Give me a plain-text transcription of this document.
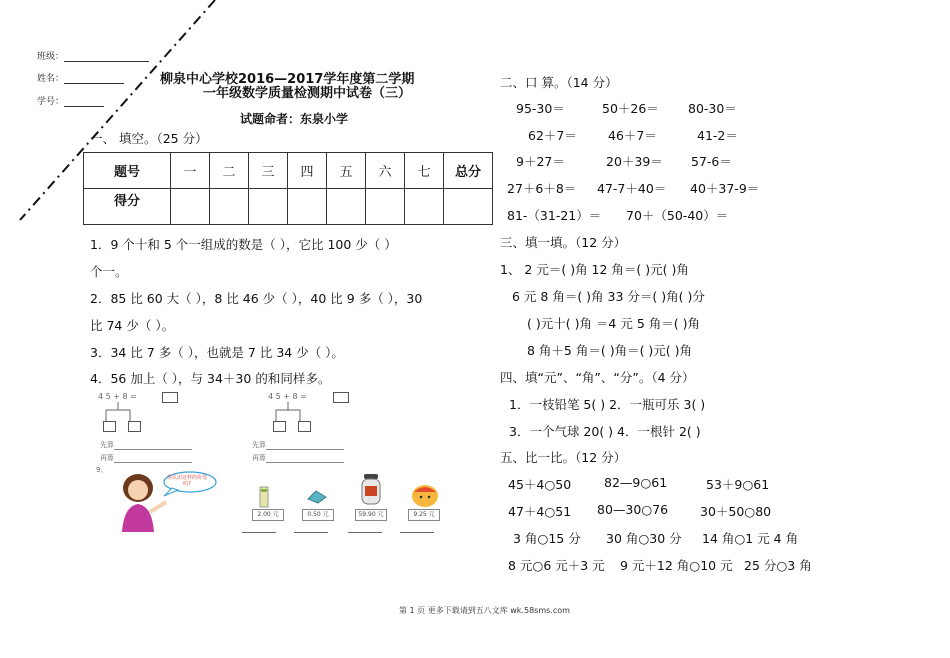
班级：
姓名：
学号：
柳泉中心学校2016—2017学年度第二学期
一年级数学质量检测期中试卷（三）
试题命者：东泉小学
一、 填空。（25 分）
题号	一	二	三	四	五	六	七	总分
得分								
1．9 个十和 5 个一组成的数是（ ），它比 100 少（ ）
个一。
2．85 比 60 大（ ），8 比 46 少（ ），40 比 9 多（ ），30
比 74 少（ ）。
3．34 比 7 多（ ），也就是 7 比 34 少（ ）。
4．56 加上（ ），与 34＋30 的和同样多。
4 5 + 8 =
先算
再算
9、
4 5 + 8 =
先算
再算
你认识这样的价签吗?
2.00 元	0.50 元	59.90 元	9.25 元
二、口 算。（14 分）
95-30＝	50＋26＝ 80-30＝
62＋7＝ 46＋7＝	41-2＝
9＋27＝	20＋39＝ 57-6＝
27＋6＋8＝ 47-7＋40＝ 40＋37-9＝
81-（31-21）＝ 70＋（50-40）＝
三、填一填。（12 分）
1、 2 元＝( )角 12 角＝( )元( )角
6 元 8 角＝( )角 33 分＝( )角( )分
( )元十( )角 ＝4 元 5 角＝( )角
8 角＋5 角＝( )角＝( )元( )角
四、填“元”、“角”、“分”。（4 分）
1．一枝铅笔 5( ) 2．一瓶可乐 3( )
3．一个气球 20( ) 4．一根针 2( )
五、比一比。（12 分）
45＋4○50	82—9○61	53＋9○61
47＋4○51 80—30○76	30＋50○80
3 角○15 分 30 角○30 分 14 角○1 元 4 角
8 元○6 元＋3 元 9 元＋12 角○10 元 25 分○3 角
第 1 页 更多下载请到五八文库 wk.58sms.com
